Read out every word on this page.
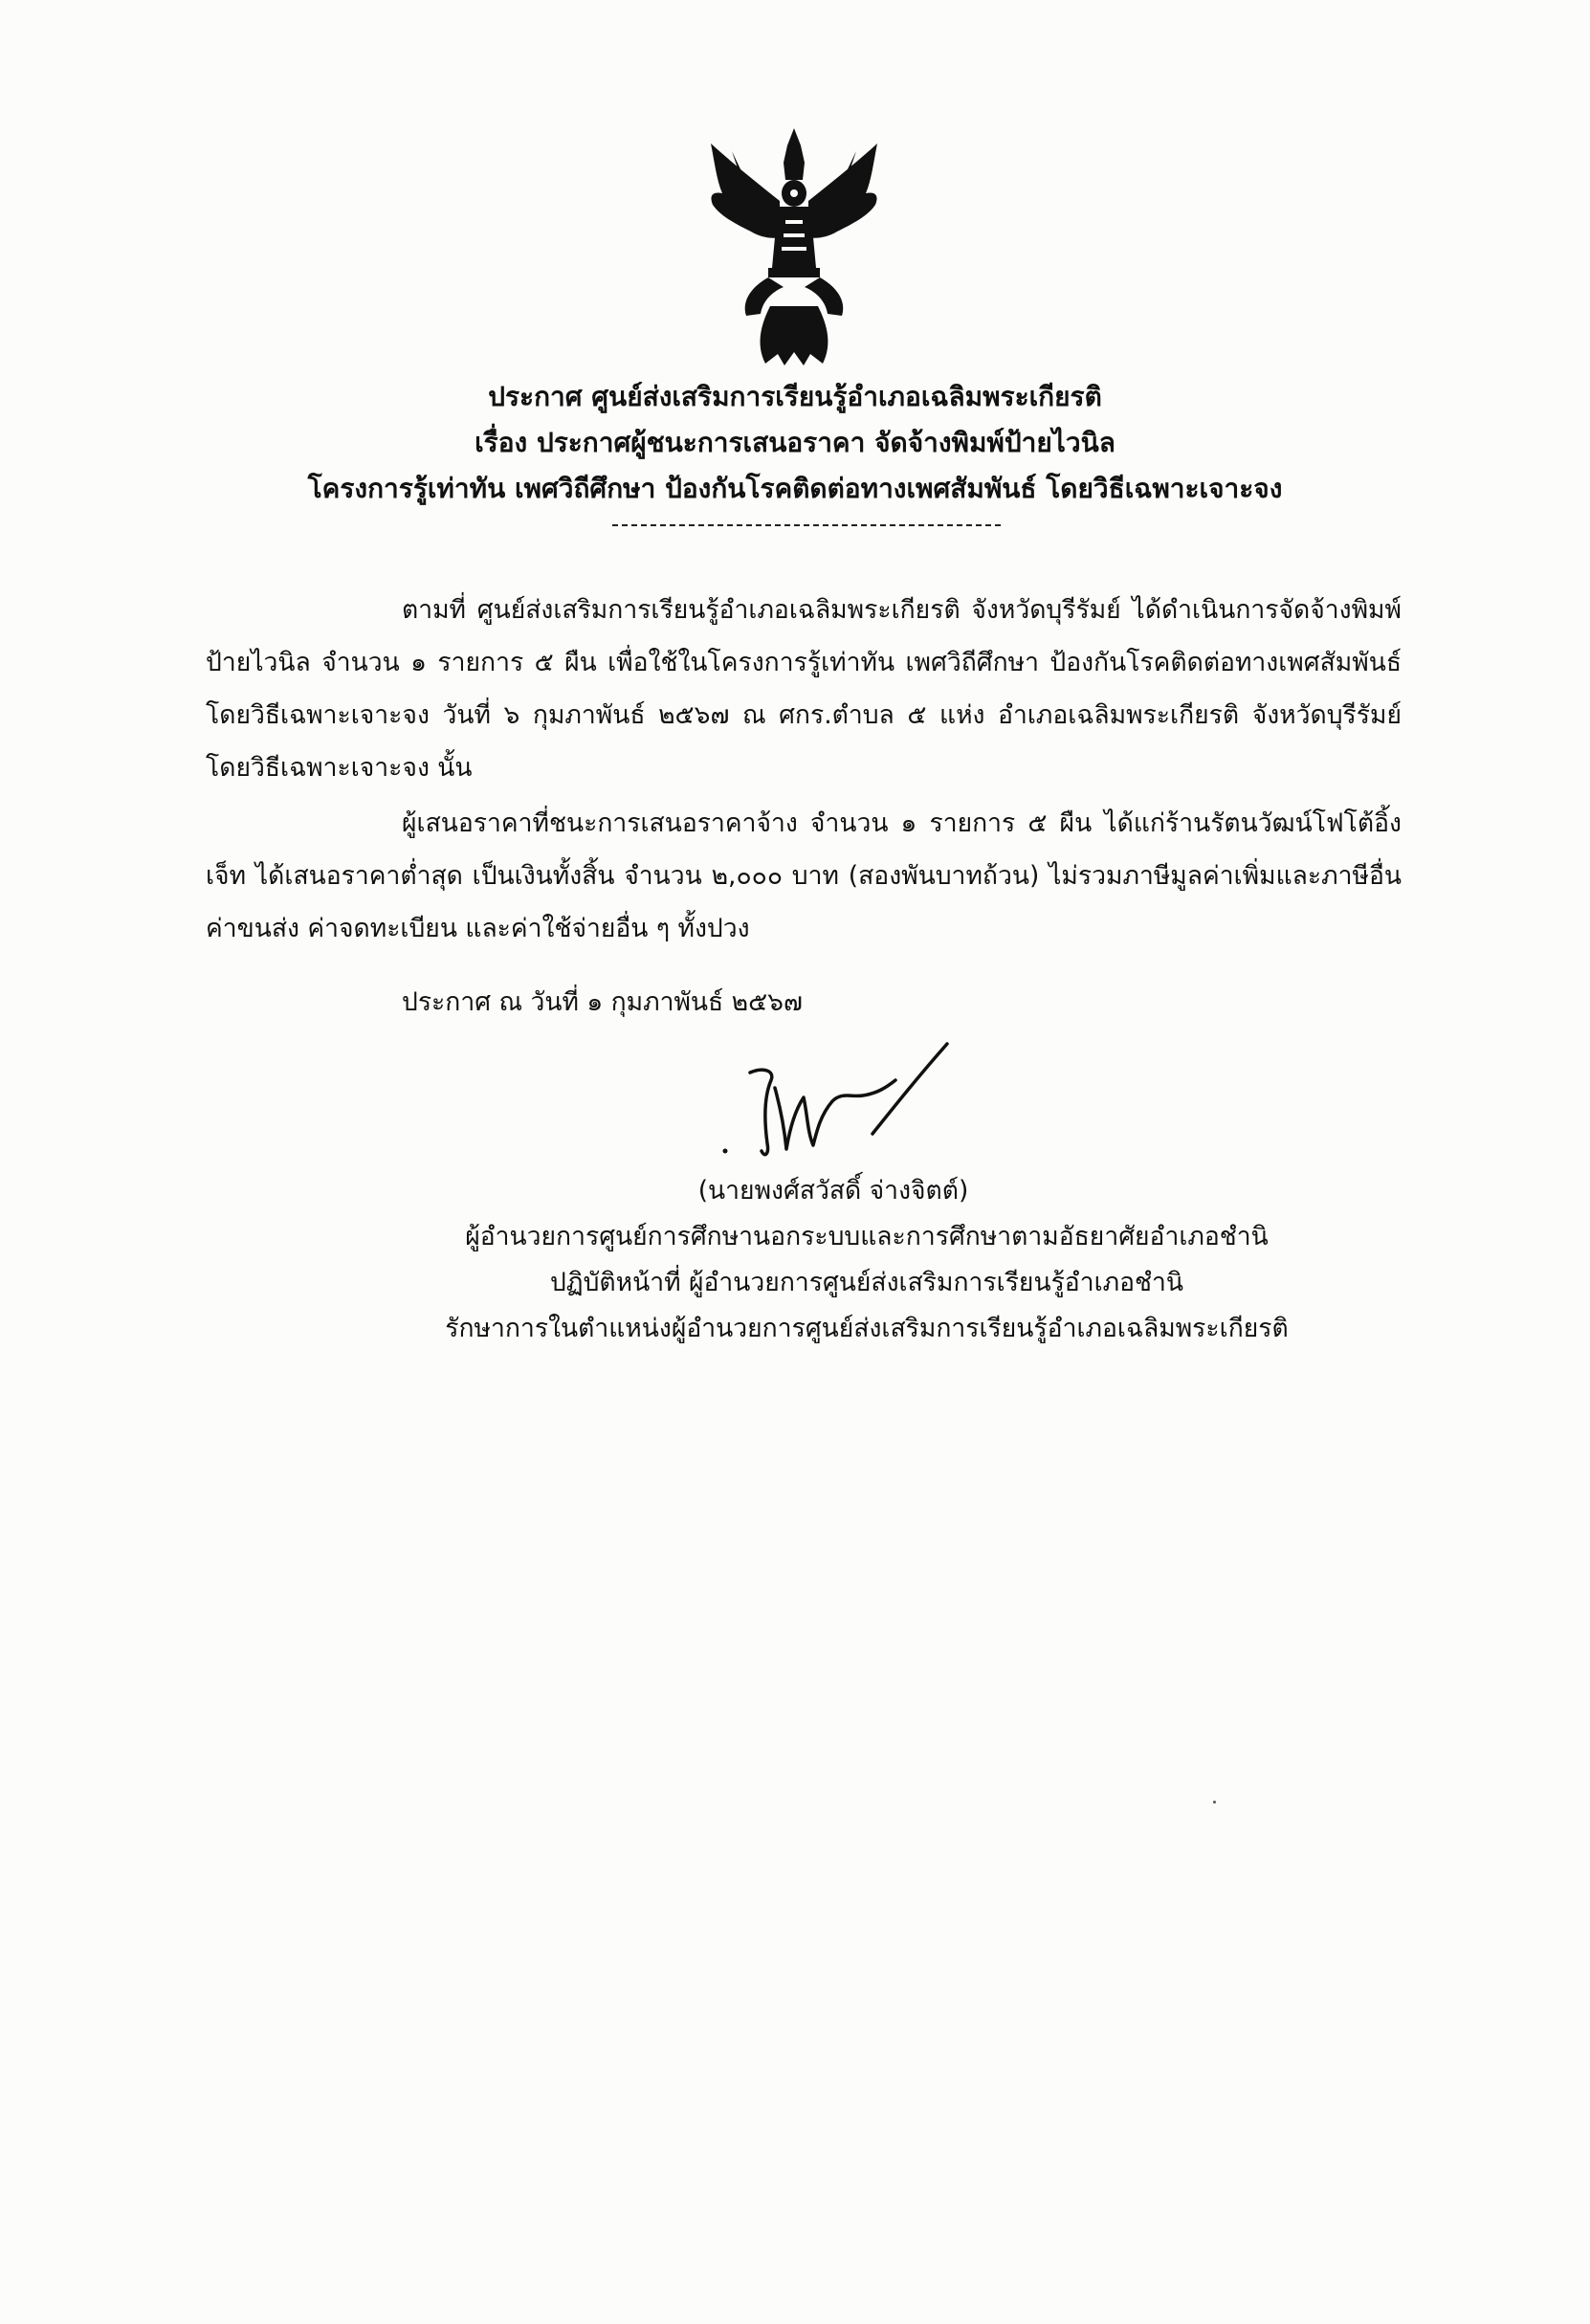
ประกาศ ศูนย์ส่งเสริมการเรียนรู้อำเภอเฉลิมพระเกียรติ
เรื่อง ประกาศผู้ชนะการเสนอราคา จัดจ้างพิมพ์ป้ายไวนิล
โครงการรู้เท่าทัน เพศวิถีศึกษา ป้องกันโรคติดต่อทางเพศสัมพันธ์ โดยวิธีเฉพาะเจาะจง
ตามที่ ศูนย์ส่งเสริมการเรียนรู้อำเภอเฉลิมพระเกียรติ จังหวัดบุรีรัมย์ ได้ดำเนินการจัดจ้างพิมพ์ป้ายไวนิล จำนวน ๑ รายการ ๕ ผืน เพื่อใช้ในโครงการรู้เท่าทัน เพศวิถีศึกษา ป้องกันโรคติดต่อทางเพศสัมพันธ์ โดยวิธีเฉพาะเจาะจง วันที่ ๖ กุมภาพันธ์ ๒๕๖๗ ณ ศกร.ตำบล ๕ แห่ง อำเภอเฉลิมพระเกียรติ จังหวัดบุรีรัมย์ โดยวิธีเฉพาะเจาะจง นั้น
ผู้เสนอราคาที่ชนะการเสนอราคาจ้าง จำนวน ๑ รายการ ๕ ผืน ได้แก่ร้านรัตนวัฒน์โฟโต้อิ้งเจ็ท ได้เสนอราคาต่ำสุด เป็นเงินทั้งสิ้น จำนวน ๒,๐๐๐ บาท (สองพันบาทถ้วน) ไม่รวมภาษีมูลค่าเพิ่มและภาษีอื่น ค่าขนส่ง ค่าจดทะเบียน และค่าใช้จ่ายอื่น ๆ ทั้งปวง
ประกาศ ณ วันที่ ๑ กุมภาพันธ์ ๒๕๖๗
(นายพงศ์สวัสดิ์ จ่างจิตต์)
ผู้อำนวยการศูนย์การศึกษานอกระบบและการศึกษาตามอัธยาศัยอำเภอชำนิ
ปฏิบัติหน้าที่ ผู้อำนวยการศูนย์ส่งเสริมการเรียนรู้อำเภอชำนิ
รักษาการในตำแหน่งผู้อำนวยการศูนย์ส่งเสริมการเรียนรู้อำเภอเฉลิมพระเกียรติ
